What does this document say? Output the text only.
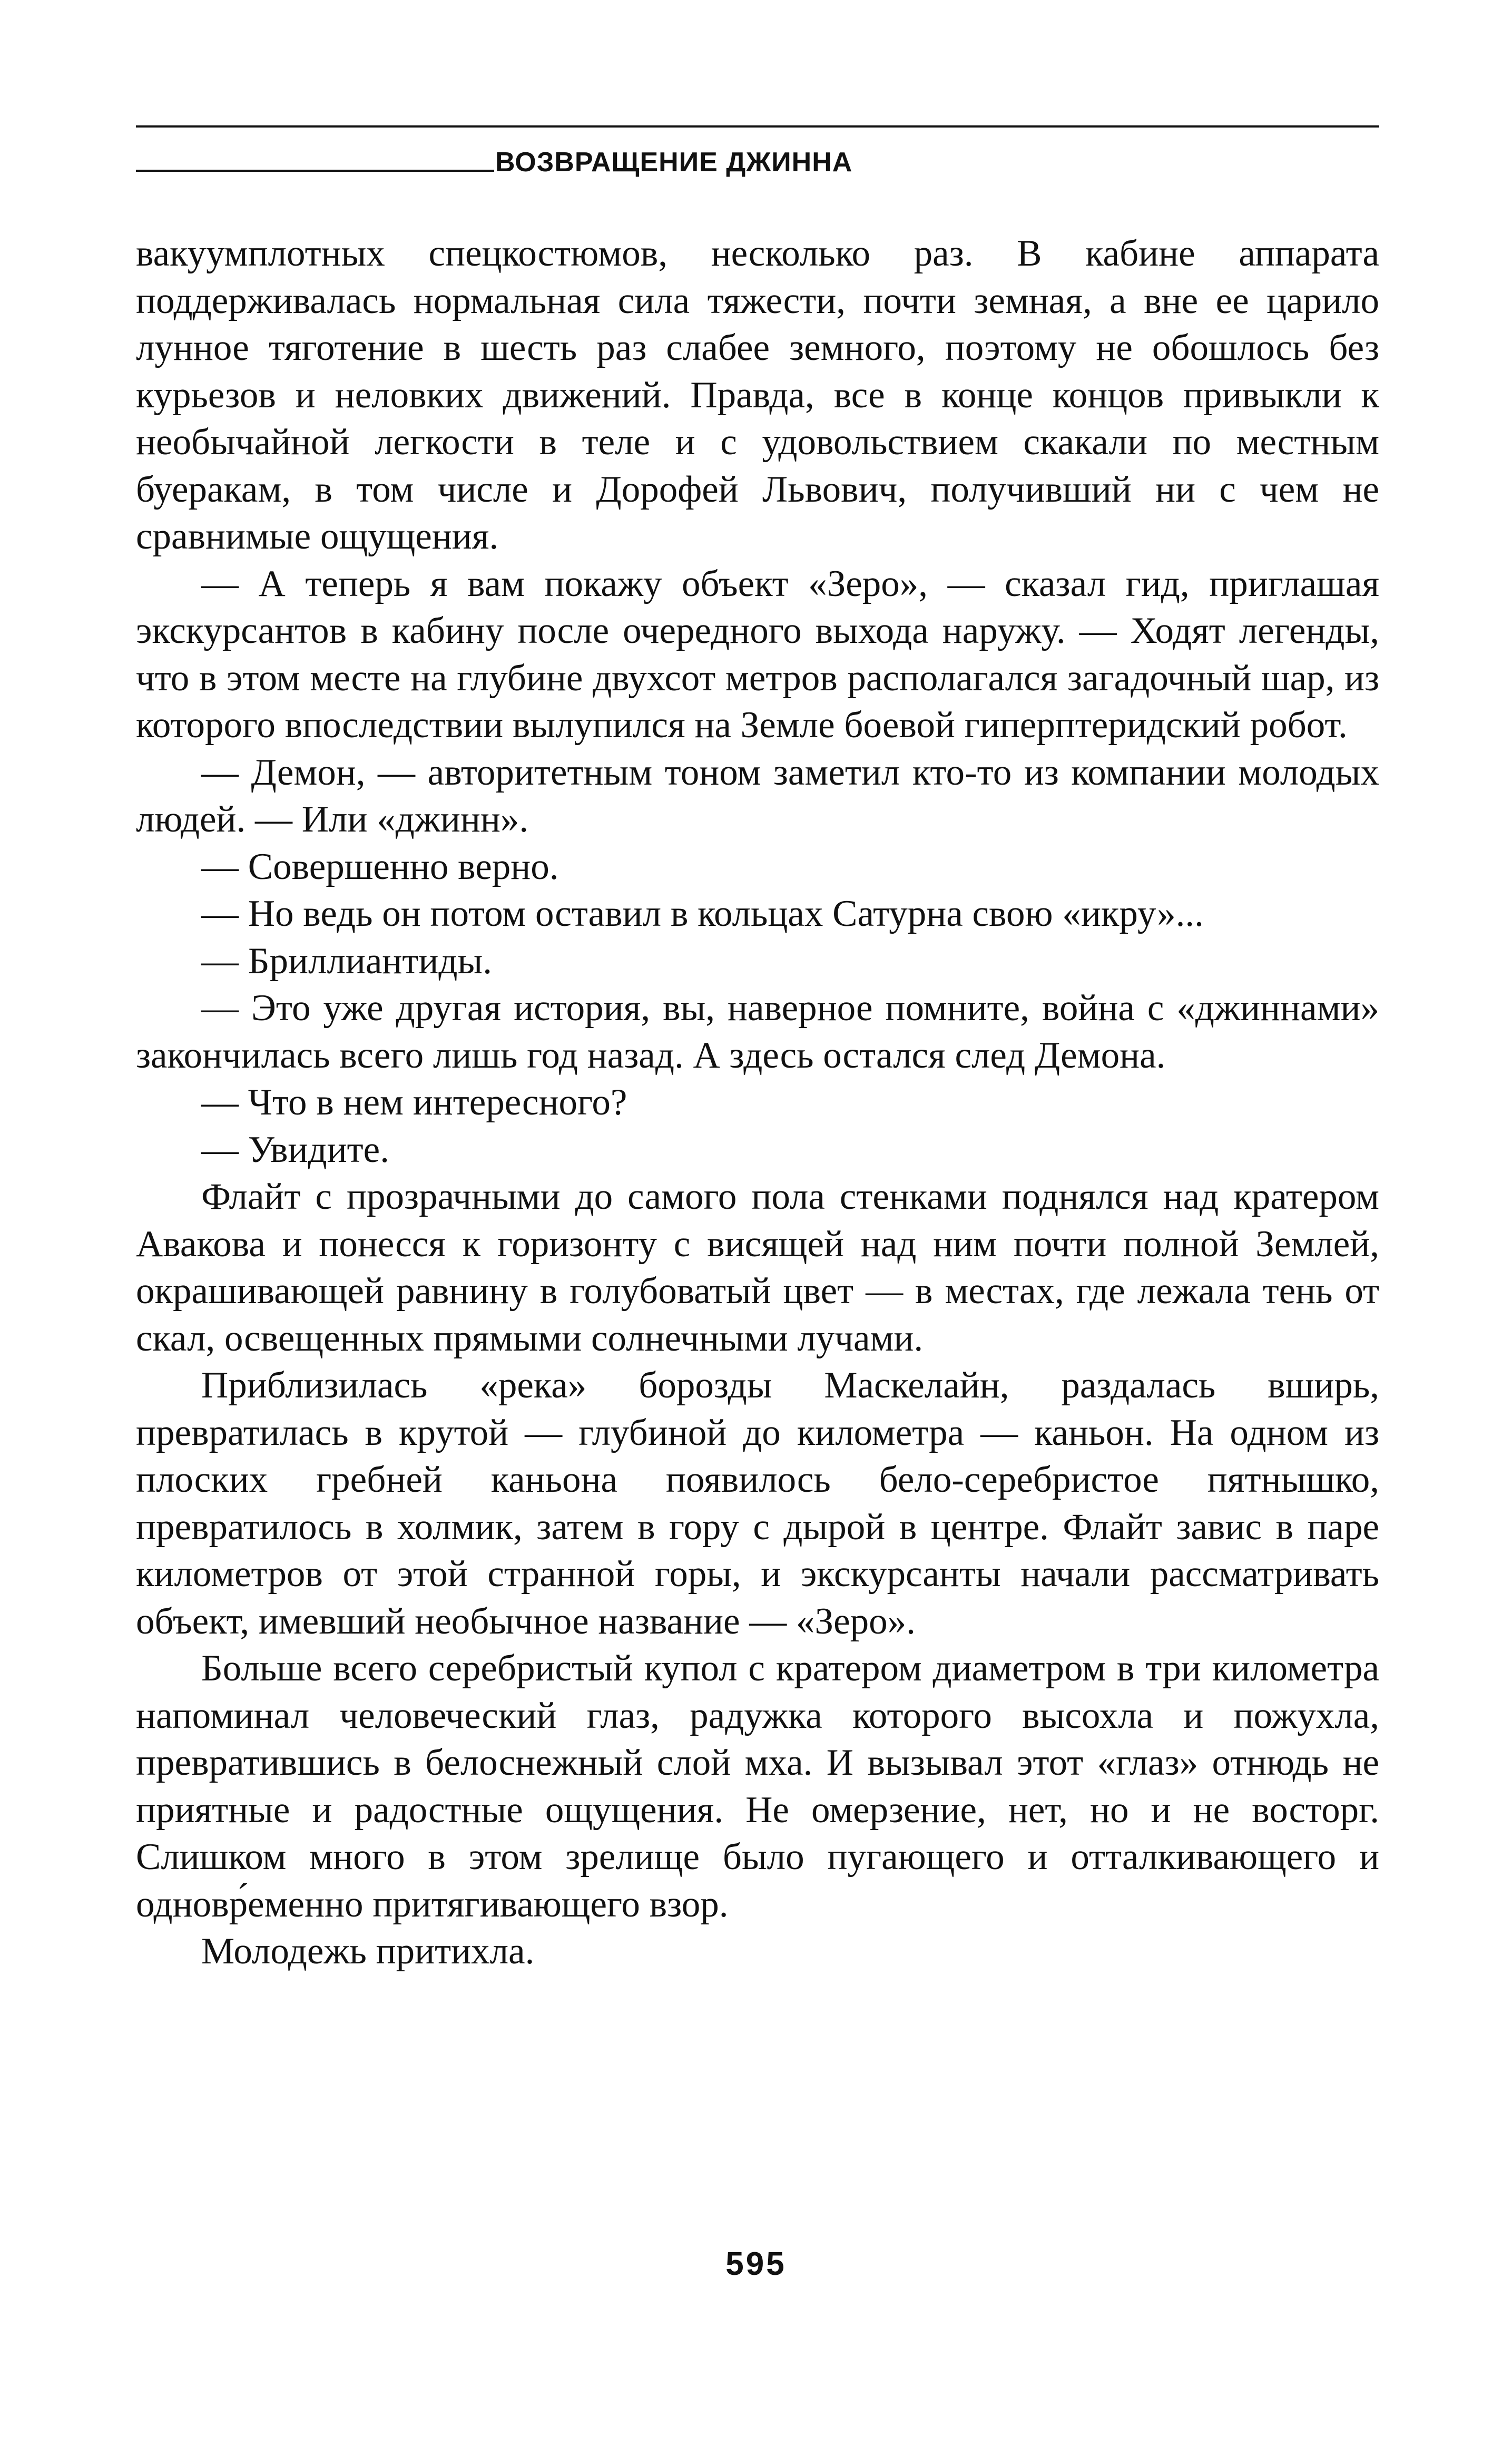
ВОЗВРАЩЕНИЕ ДЖИННА

вакуумплотных спецкостюмов, несколько раз. В кабине аппарата поддерживалась нормальная сила тяжести, почти земная, а вне ее царило лунное тяготение в шесть раз слабее земного, поэтому не обошлось без курьезов и неловких движений. Правда, все в конце концов привыкли к необычайной легкости в теле и с удовольствием скакали по местным буеракам, в том числе и Дорофей Львович, получивший ни с чем не сравнимые ощущения.

— А теперь я вам покажу объект «Зеро», — сказал гид, приглашая экскурсантов в кабину после очередного выхода наружу. — Ходят легенды, что в этом месте на глубине двухсот метров располагался загадочный шар, из которого впоследствии вылупился на Земле боевой гиперптеридский робот.

— Демон, — авторитетным тоном заметил кто-то из компании молодых людей. — Или «джинн».

— Совершенно верно.

— Но ведь он потом оставил в кольцах Сатурна свою «икру»...

— Бриллиантиды.

— Это уже другая история, вы, наверное помните, война с «джиннами» закончилась всего лишь год назад. А здесь остался след Демона.

— Что в нем интересного?

— Увидите.

Флайт с прозрачными до самого пола стенками поднялся над кратером Авакова и понесся к горизонту с висящей над ним почти полной Землей, окрашивающей равнину в голубоватый цвет — в местах, где лежала тень от скал, освещенных прямыми солнечными лучами.

Приблизилась «река» борозды Маскелайн, раздалась вширь, превратилась в крутой — глубиной до километра — каньон. На одном из плоских гребней каньона появилось бело-серебристое пятнышко, превратилось в холмик, затем в гору с дырой в центре. Флайт завис в паре километров от этой странной горы, и экскурсанты начали рассматривать объект, имевший необычное название — «Зеро».

Больше всего серебристый купол с кратером диаметром в три километра напоминал человеческий глаз, радужка которого высохла и пожухла, превратившись в белоснежный слой мха. И вызывал этот «глаз» отнюдь не приятные и радостные ощущения. Не омерзение, нет, но и не восторг. Слишком много в этом зрелище было пугающего и отталкивающего и одновр́еменно притягивающего взор.

Молодежь притихла.

595
